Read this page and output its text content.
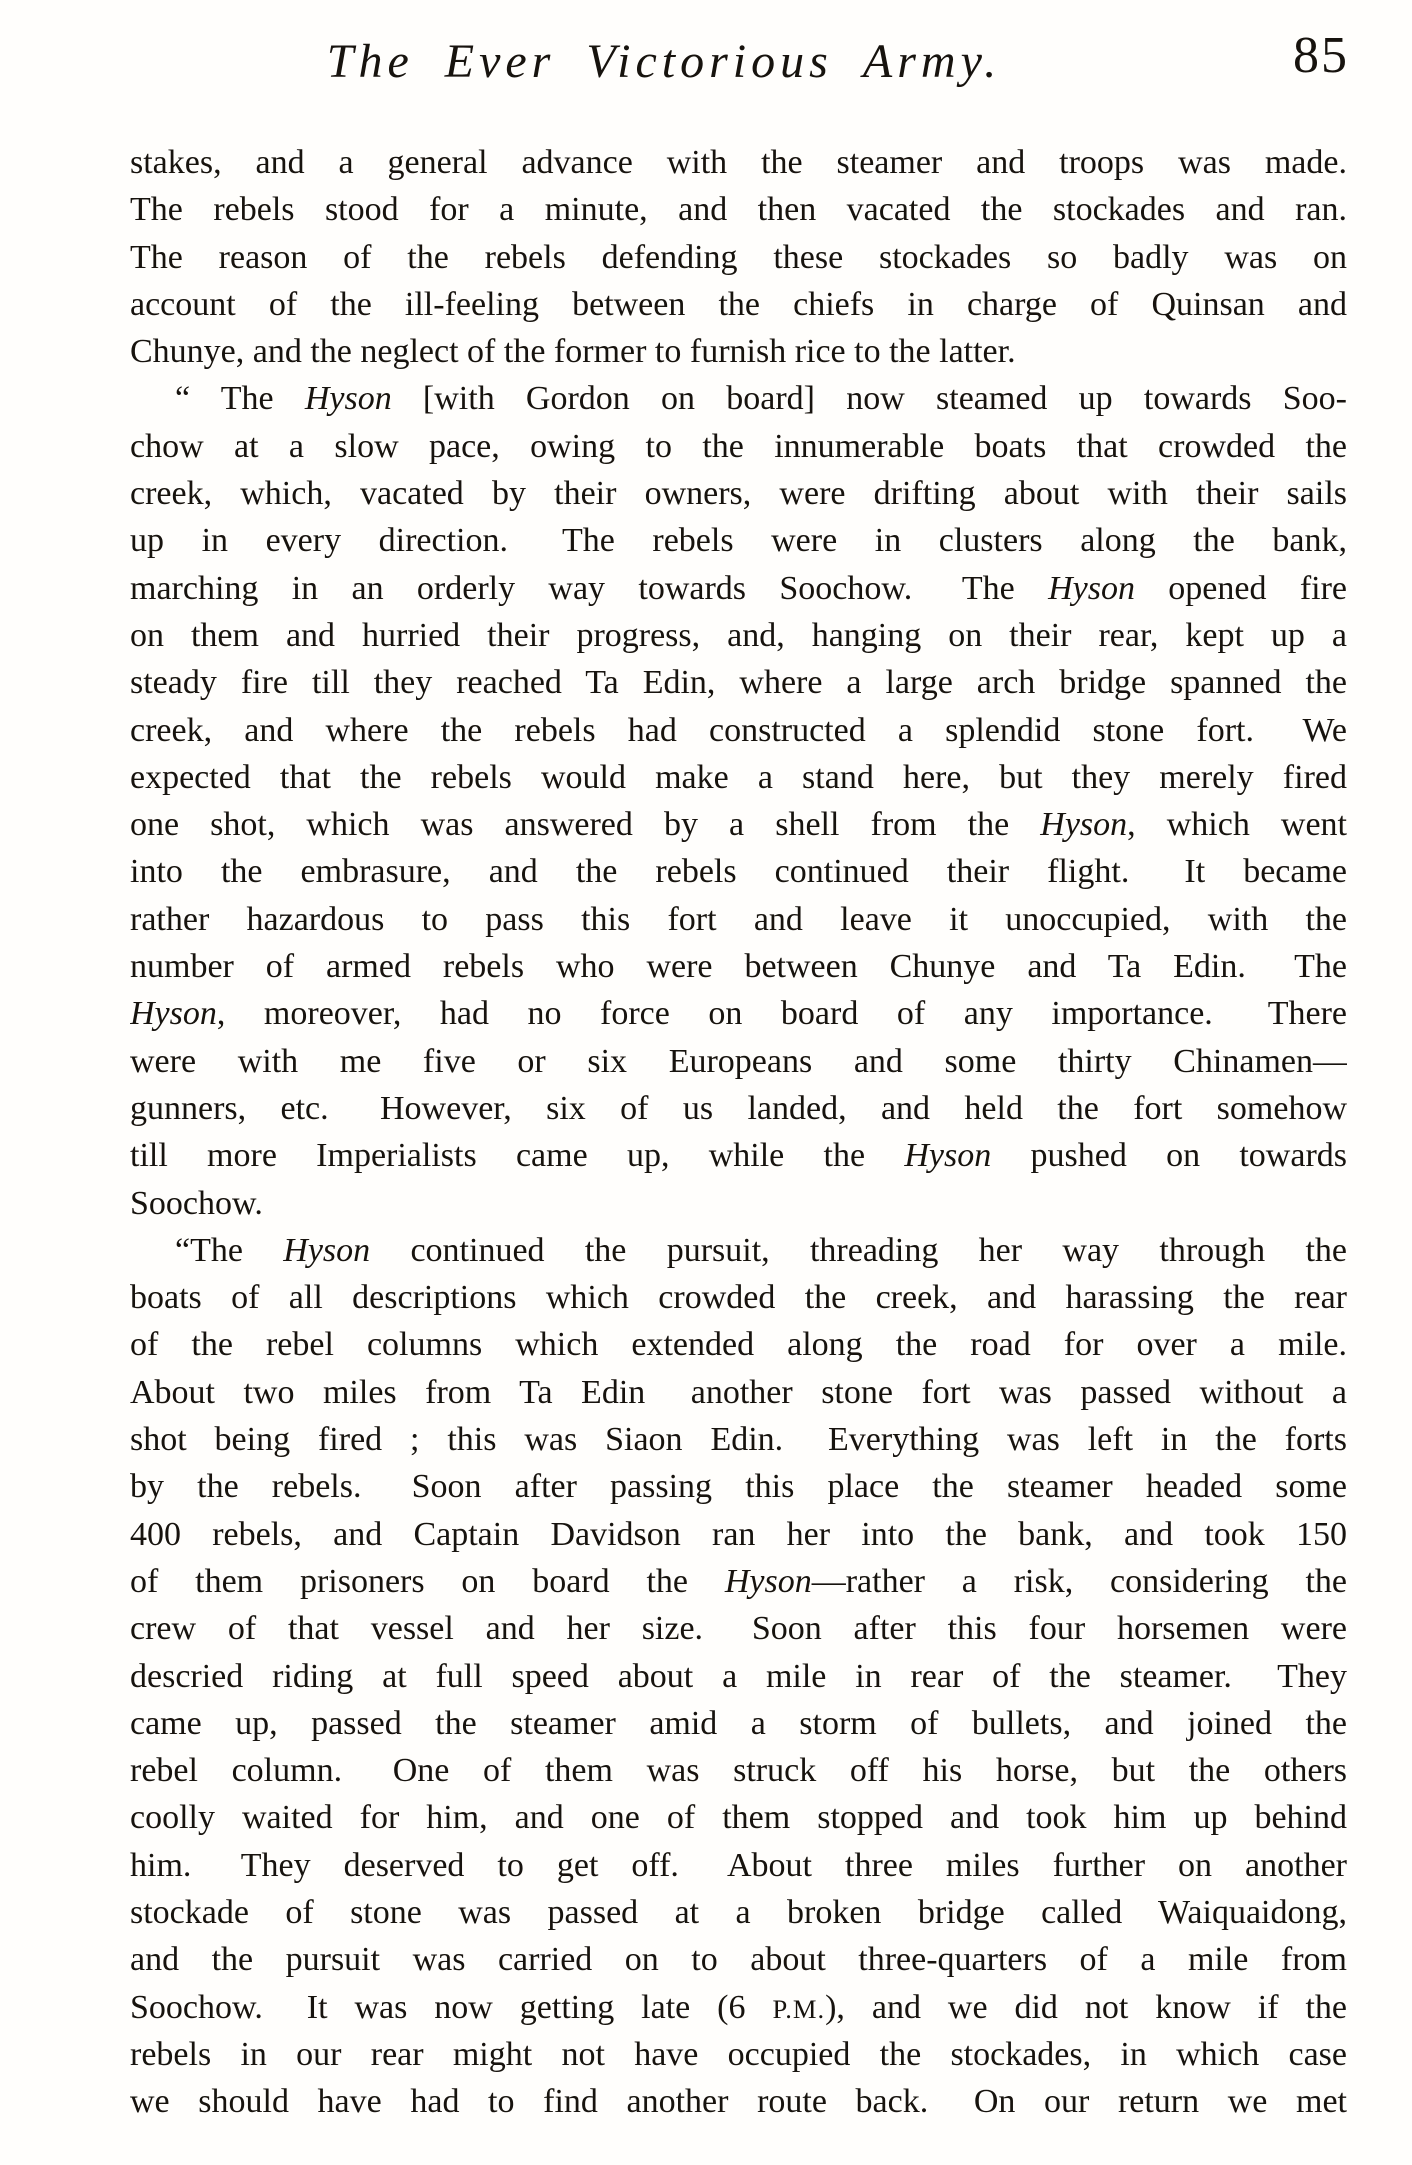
The Ever Victorious Army.	85
stakes, and a general advance with the steamer and troops was made.
The rebels stood for a minute, and then vacated the stockades and ran.
The reason of the rebels defending these stockades so badly was on
account of the ill-feeling between the chiefs in charge of Quinsan and
Chunye, and the neglect of the former to furnish rice to the latter.
“ The Hyson [with Gordon on board] now steamed up towards Soo-
chow at a slow pace, owing to the innumerable boats that crowded the
creek, which, vacated by their owners, were drifting about with their sails
up in every direction.  The rebels were in clusters along the bank,
marching in an orderly way towards Soochow.  The Hyson opened fire
on them and hurried their progress, and, hanging on their rear, kept up a
steady fire till they reached Ta Edin, where a large arch bridge spanned the
creek, and where the rebels had constructed a splendid stone fort.  We
expected that the rebels would make a stand here, but they merely fired
one shot, which was answered by a shell from the Hyson, which went
into the embrasure, and the rebels continued their flight.  It became
rather hazardous to pass this fort and leave it unoccupied, with the
number of armed rebels who were between Chunye and Ta Edin.  The
Hyson, moreover, had no force on board of any importance.  There
were with me five or six Europeans and some thirty Chinamen—
gunners, etc.  However, six of us landed, and held the fort somehow
till more Imperialists came up, while the Hyson pushed on towards
Soochow.
“The Hyson continued the pursuit, threading her way through the
boats of all descriptions which crowded the creek, and harassing the rear
of the rebel columns which extended along the road for over a mile.
About two miles from Ta Edin  another stone fort was passed without a
shot being fired ; this was Siaon Edin.  Everything was left in the forts
by the rebels.  Soon after passing this place the steamer headed some
400 rebels, and Captain Davidson ran her into the bank, and took 150
of them prisoners on board the Hyson—rather a risk, considering the
crew of that vessel and her size.  Soon after this four horsemen were
descried riding at full speed about a mile in rear of the steamer.  They
came up, passed the steamer amid a storm of bullets, and joined the
rebel column.  One of them was struck off his horse, but the others
coolly waited for him, and one of them stopped and took him up behind
him.  They deserved to get off.  About three miles further on another
stockade of stone was passed at a broken bridge called Waiquaidong,
and the pursuit was carried on to about three-quarters of a mile from
Soochow.  It was now getting late (6 P.M.), and we did not know if the
rebels in our rear might not have occupied the stockades, in which case
we should have had to find another route back.  On our return we met
